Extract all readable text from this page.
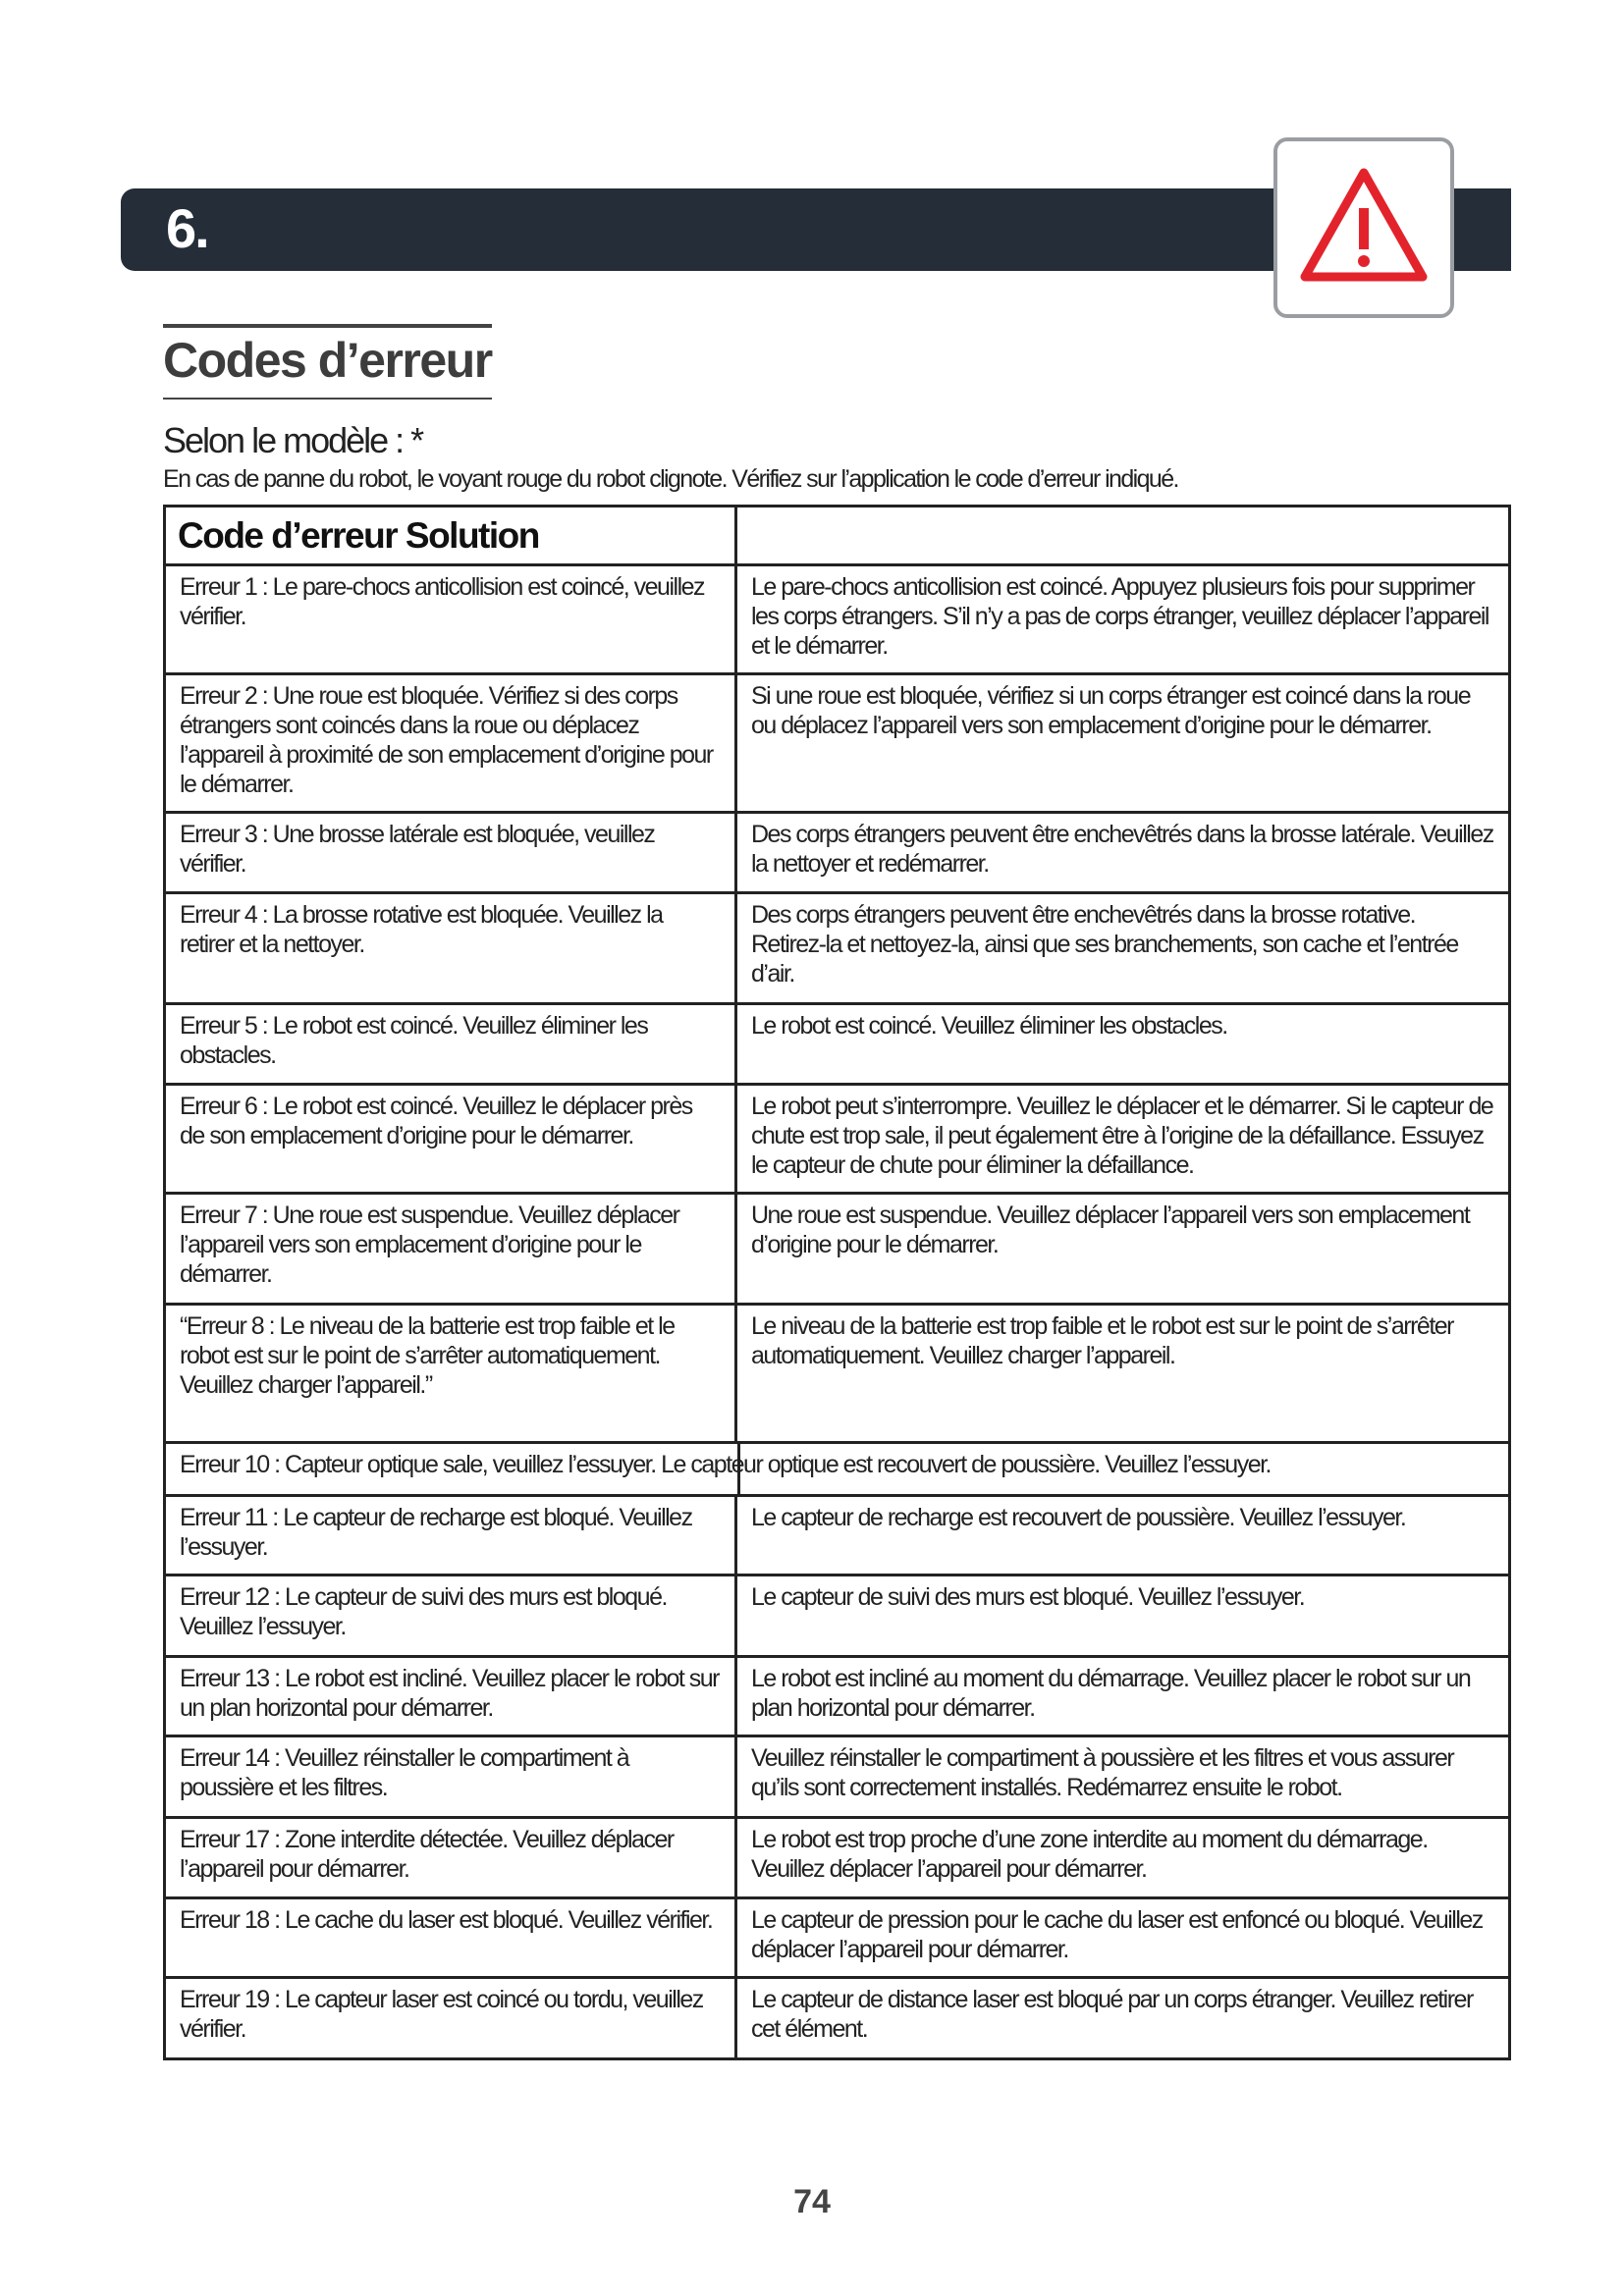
6.
Codes d’erreur
Selon le modèle : *
En cas de panne du robot, le voyant rouge du robot clignote. Vérifiez sur l’application le code d’erreur indiqué.
Code d’erreur Solution	
Erreur 1 : Le pare-chocs anticollision est coincé, veuillez vérifier.	Le pare-chocs anticollision est coincé. Appuyez plusieurs fois pour supprimer les corps étrangers. S’il n’y a pas de corps étranger, veuillez déplacer l’appareil et le démarrer.
Erreur 2 : Une roue est bloquée. Vérifiez si des corps étrangers sont coincés dans la roue ou déplacez l’appareil à proximité de son emplacement d’origine pour le démarrer.	Si une roue est bloquée, vérifiez si un corps étranger est coincé dans la roue ou déplacez l’appareil vers son emplacement d’origine pour le démarrer.
Erreur 3 : Une brosse latérale est bloquée, veuillez vérifier.	Des corps étrangers peuvent être enchevêtrés dans la brosse latérale. Veuillez la nettoyer et redémarrer.
Erreur 4 : La brosse rotative est bloquée. Veuillez la retirer et la nettoyer.	Des corps étrangers peuvent être enchevêtrés dans la brosse rotative. Retirez-la et nettoyez-la, ainsi que ses branchements, son cache et l’entrée d’air.
Erreur 5 : Le robot est coincé. Veuillez éliminer les obstacles.	Le robot est coincé. Veuillez éliminer les obstacles.
Erreur 6 : Le robot est coincé. Veuillez le déplacer près de son emplacement d’origine pour le démarrer.	Le robot peut s’interrompre. Veuillez le déplacer et le démarrer. Si le capteur de chute est trop sale, il peut également être à l’origine de la défaillance. Essuyez le capteur de chute pour éliminer la défaillance.
Erreur 7 : Une roue est suspendue. Veuillez déplacer l’appareil vers son emplacement d’origine pour le démarrer.	Une roue est suspendue. Veuillez déplacer l’appareil vers son emplacement d’origine pour le démarrer.
“Erreur 8 : Le niveau de la batterie est trop faible et le robot est sur le point de s’arrêter automatiquement. Veuillez charger l’appareil.”	Le niveau de la batterie est trop faible et le robot est sur le point de s’arrêter automatiquement. Veuillez charger l’appareil.
Erreur 10 : Capteur optique sale, veuillez l’essuyer. Le capteur optique est recouvert de poussière. Veuillez l’essuyer.	

Erreur 11 : Le capteur de recharge est bloqué. Veuillez l’essuyer.	Le capteur de recharge est recouvert de poussière. Veuillez l’essuyer.
Erreur 12 : Le capteur de suivi des murs est bloqué. Veuillez l’essuyer.	Le capteur de suivi des murs est bloqué. Veuillez l’essuyer.
Erreur 13 : Le robot est incliné. Veuillez placer le robot sur un plan horizontal pour démarrer.	Le robot est incliné au moment du démarrage. Veuillez placer le robot sur un plan horizontal pour démarrer.
Erreur 14 : Veuillez réinstaller le compartiment à poussière et les filtres.	Veuillez réinstaller le compartiment à poussière et les filtres et vous assurer qu’ils sont correctement installés. Redémarrez ensuite le robot.
Erreur 17 : Zone interdite détectée. Veuillez déplacer l’appareil pour démarrer.	Le robot est trop proche d’une zone interdite au moment du démarrage. Veuillez déplacer l’appareil pour démarrer.
Erreur 18 : Le cache du laser est bloqué. Veuillez vérifier.	Le capteur de pression pour le cache du laser est enfoncé ou bloqué. Veuillez déplacer l’appareil pour démarrer.
Erreur 19 : Le capteur laser est coincé ou tordu, veuillez vérifier.	Le capteur de distance laser est bloqué par un corps étranger. Veuillez retirer cet élément.
74
